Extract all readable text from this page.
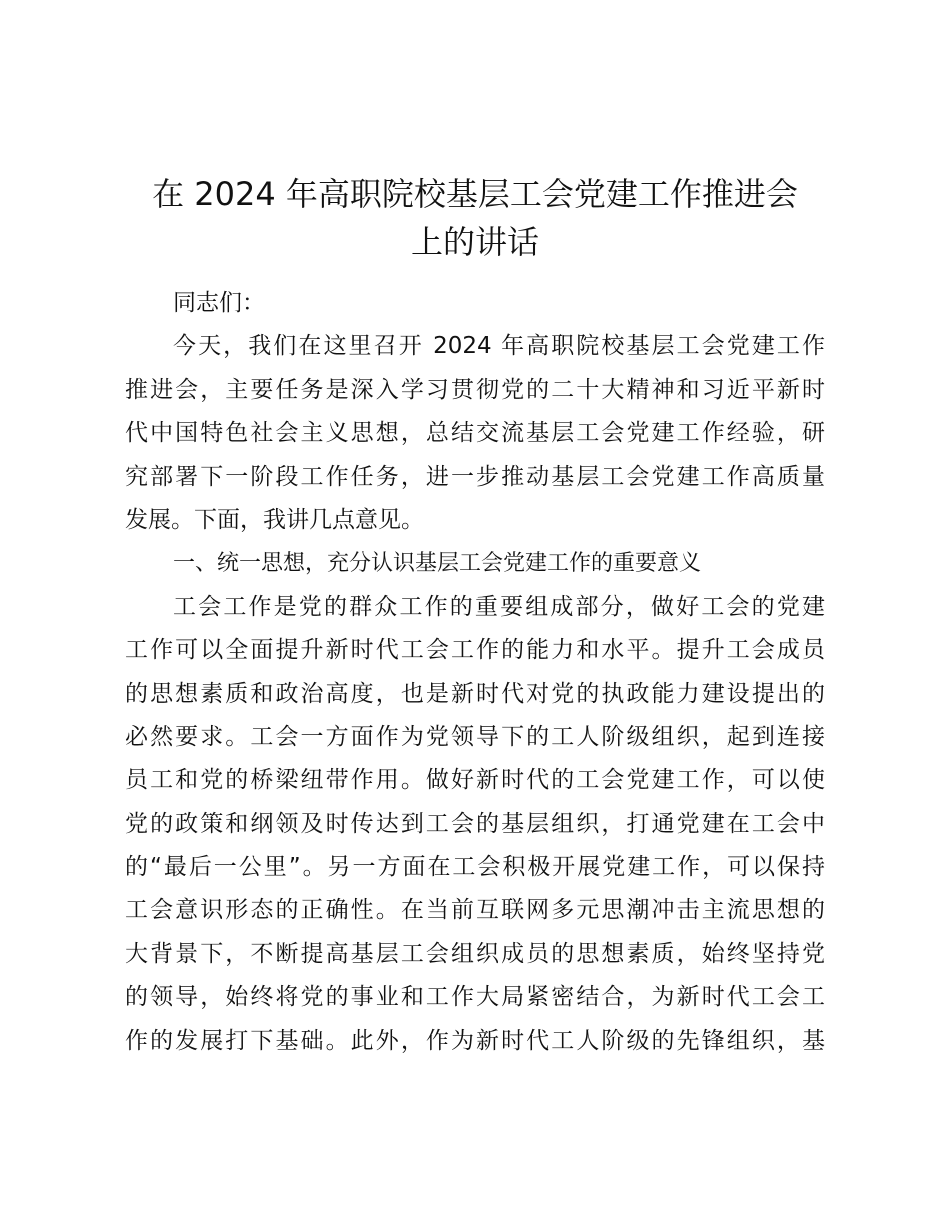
在 2024 年高职院校基层工会党建工作推进会
上的讲话
同志们：
今天，我们在这里召开 2024 年高职院校基层工会党建工作
推进会，主要任务是深入学习贯彻党的二十大精神和习近平新时
代中国特色社会主义思想，总结交流基层工会党建工作经验，研
究部署下一阶段工作任务，进一步推动基层工会党建工作高质量
发展。下面，我讲几点意见。
一、统一思想，充分认识基层工会党建工作的重要意义
工会工作是党的群众工作的重要组成部分，做好工会的党建
工作可以全面提升新时代工会工作的能力和水平。提升工会成员
的思想素质和政治高度，也是新时代对党的执政能力建设提出的
必然要求。工会一方面作为党领导下的工人阶级组织，起到连接
员工和党的桥梁纽带作用。做好新时代的工会党建工作，可以使
党的政策和纲领及时传达到工会的基层组织，打通党建在工会中
的“最后一公里”。另一方面在工会积极开展党建工作，可以保持
工会意识形态的正确性。在当前互联网多元思潮冲击主流思想的
大背景下，不断提高基层工会组织成员的思想素质，始终坚持党
的领导，始终将党的事业和工作大局紧密结合，为新时代工会工
作的发展打下基础。此外，作为新时代工人阶级的先锋组织，基
